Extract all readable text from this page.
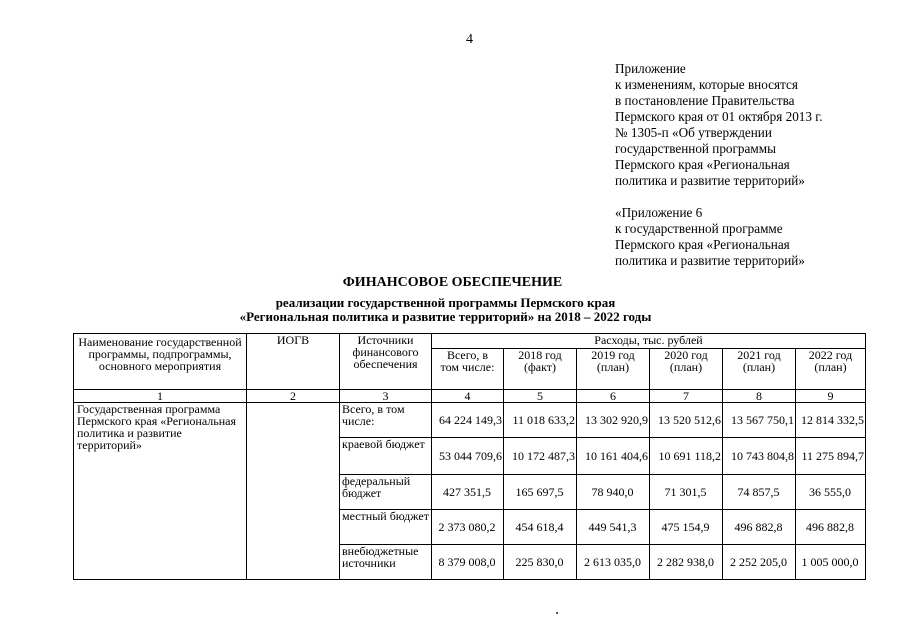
4
Приложение
к изменениям, которые вносятся
в постановление Правительства
Пермского края от 01 октября 2013 г.
№ 1305-п «Об утверждении
государственной программы
Пермского края «Региональная
политика и развитие территорий»
«Приложение 6
к государственной программе
Пермского края «Региональная
политика и развитие территорий»
ФИНАНСОВОЕ ОБЕСПЕЧЕНИЕ
реализации государственной программы Пермского края
«Региональная политика и развитие территорий» на 2018 – 2022 годы
Наименование государственной программы, подпрограммы, основного мероприятия	ИОГВ	Источники финансового обеспечения	Расходы, тыс. рублей					
			Всего, в том числе:	2018 год (факт)	2019 год (план)	2020 год (план)	2021 год (план)	2022 год (план)
1	2	3	4	5	6	7	8	9
Государственная программа Пермского края «Региональная политика и развитие территорий»		Всего, в том числе:	64 224 149,3	11 018 633,2	13 302 920,9	13 520 512,6	13 567 750,1	12 814 332,5
		краевой бюджет	53 044 709,6	10 172 487,3	10 161 404,6	10 691 118,2	10 743 804,8	11 275 894,7
		федеральный бюджет	427 351,5	165 697,5	78 940,0	71 301,5	74 857,5	36 555,0
		местный бюджет	2 373 080,2	454 618,4	449 541,3	475 154,9	496 882,8	496 882,8
		внебюджетные источники	8 379 008,0	225 830,0	2 613 035,0	2 282 938,0	2 252 205,0	1 005 000,0
